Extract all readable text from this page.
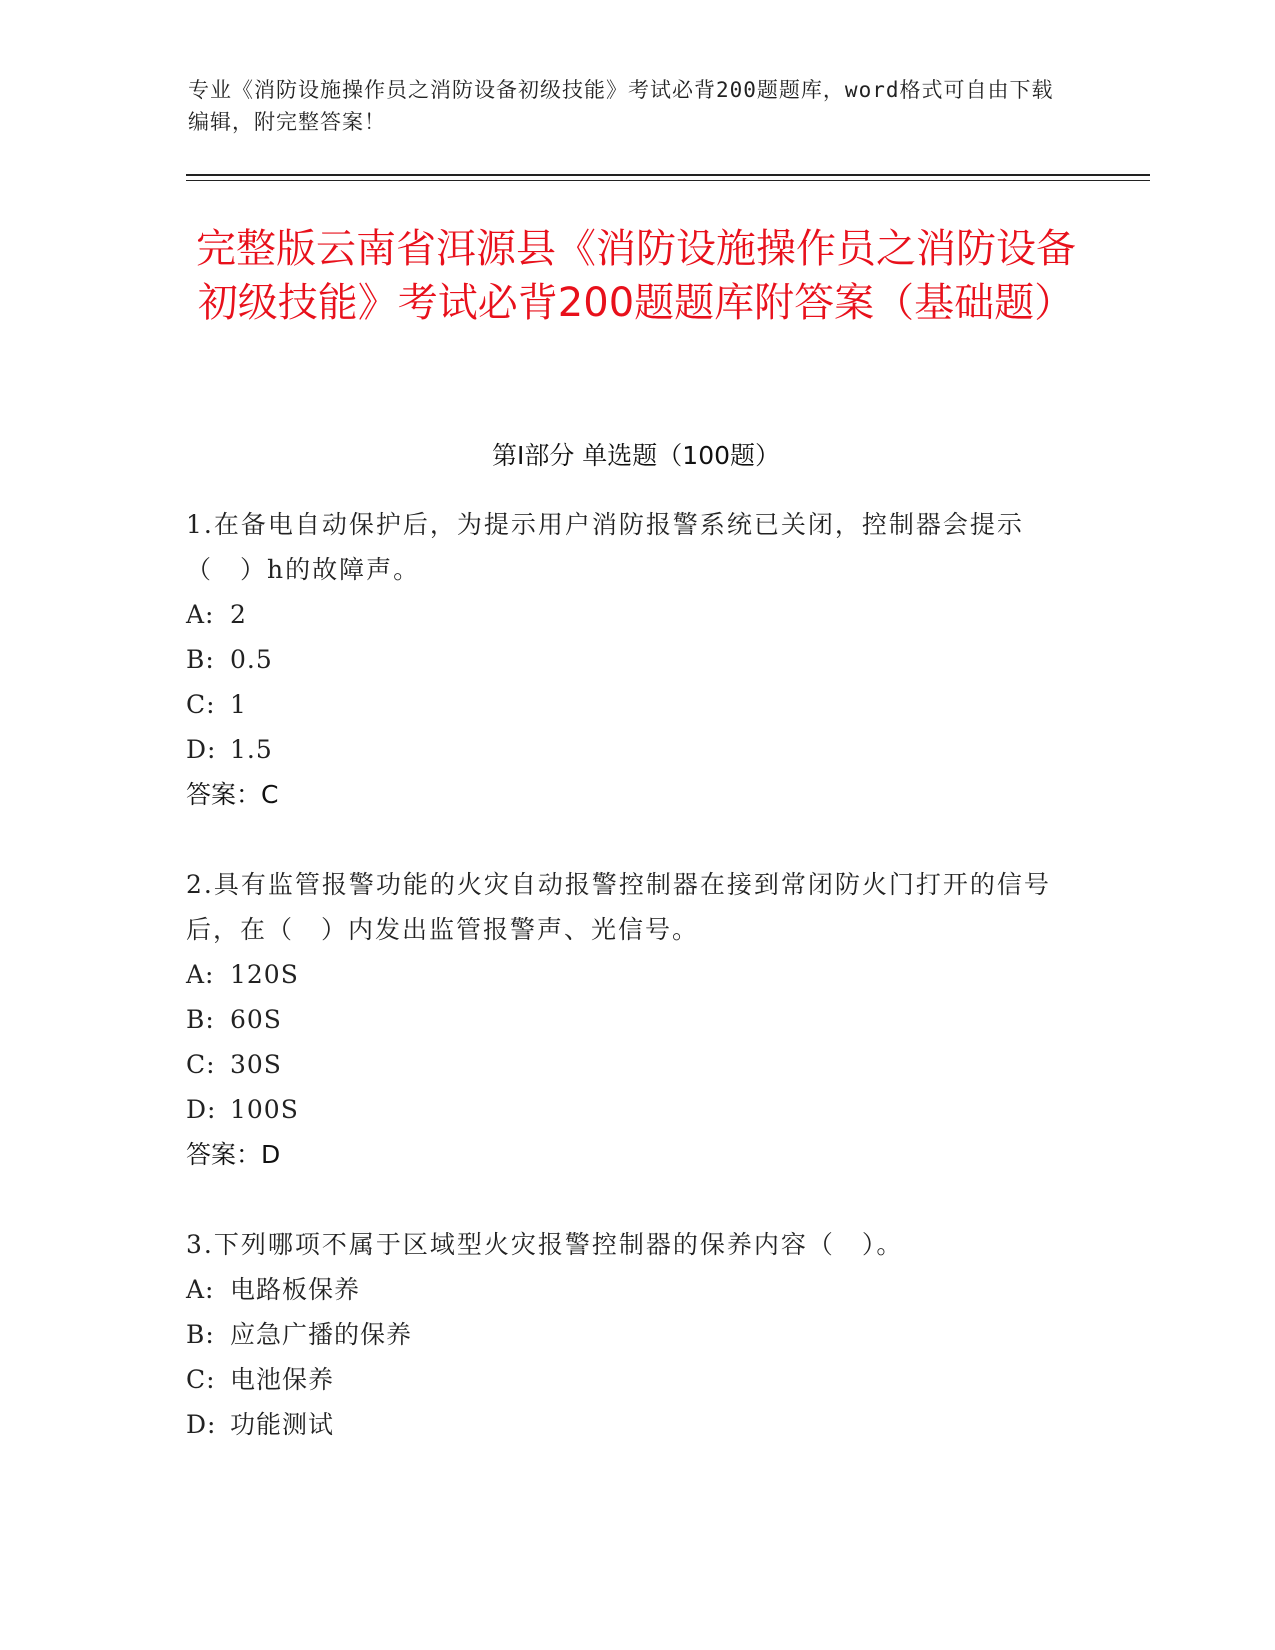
专业《消防设施操作员之消防设备初级技能》考试必背200题题库，word格式可自由下载编辑，附完整答案！
完整版云南省洱源县《消防设施操作员之消防设备初级技能》考试必背200题题库附答案（基础题）
第Ⅰ部分 单选题（100题）

1.在备电自动保护后，为提示用户消防报警系统已关闭，控制器会提示（　）h的故障声。

A: 2

B: 0.5

C: 1

D: 1.5

答案：C

2.具有监管报警功能的火灾自动报警控制器在接到常闭防火门打开的信号后，在（　）内发出监管报警声、光信号。

A: 120S

B: 60S

C: 30S

D: 100S

答案：D

3.下列哪项不属于区域型火灾报警控制器的保养内容（　）。

A: 电路板保养

B: 应急广播的保养

C: 电池保养

D: 功能测试
